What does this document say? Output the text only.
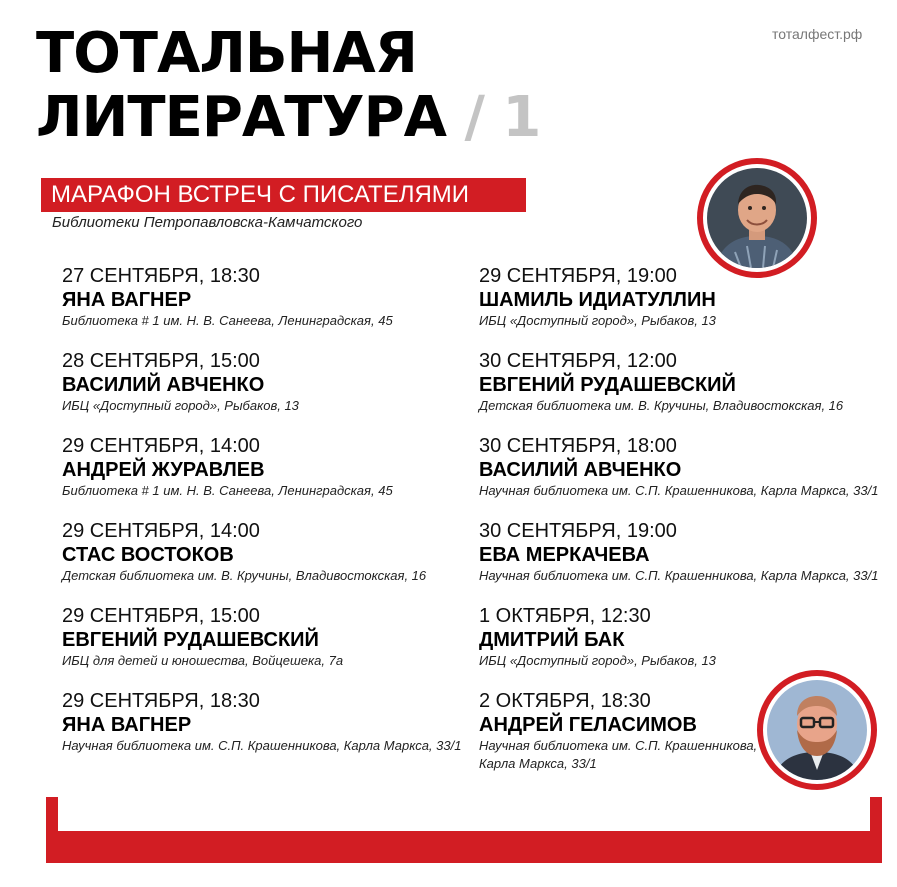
тоталфест.рф
ТОТАЛЬНАЯ
ЛИТЕРАТУРА / 1
МАРАФОН ВСТРЕЧ С ПИСАТЕЛЯМИ
Библиотеки Петропавловска-Камчатского
27 СЕНТЯБРЯ, 18:30
ЯНА ВАГНЕР
Библиотека # 1 им. Н. В. Санеева, Ленинградская, 45
28 СЕНТЯБРЯ, 15:00
ВАСИЛИЙ АВЧЕНКО
ИБЦ «Доступный город», Рыбаков, 13
29 СЕНТЯБРЯ, 14:00
АНДРЕЙ ЖУРАВЛЕВ
Библиотека # 1 им. Н. В. Санеева, Ленинградская, 45
29 СЕНТЯБРЯ, 14:00
СТАС ВОСТОКОВ
Детская библиотека им. В. Кручины, Владивостокская, 16
29 СЕНТЯБРЯ, 15:00
ЕВГЕНИЙ РУДАШЕВСКИЙ
ИБЦ для детей и юношества, Войцешека, 7а
29 СЕНТЯБРЯ, 18:30
ЯНА ВАГНЕР
Научная библиотека им. С.П. Крашенникова, Карла Маркса, 33/1
29 СЕНТЯБРЯ, 19:00
ШАМИЛЬ ИДИАТУЛЛИН
ИБЦ «Доступный город», Рыбаков, 13
30 СЕНТЯБРЯ, 12:00
ЕВГЕНИЙ РУДАШЕВСКИЙ
Детская библиотека им. В. Кручины, Владивостокская, 16
30 СЕНТЯБРЯ, 18:00
ВАСИЛИЙ АВЧЕНКО
Научная библиотека им. С.П. Крашенникова, Карла Маркса, 33/1
30 СЕНТЯБРЯ, 19:00
ЕВА МЕРКАЧЕВА
Научная библиотека им. С.П. Крашенникова, Карла Маркса, 33/1
1 ОКТЯБРЯ, 12:30
ДМИТРИЙ БАК
ИБЦ «Доступный город», Рыбаков, 13
2 ОКТЯБРЯ, 18:30
АНДРЕЙ ГЕЛАСИМОВ
Научная библиотека им. С.П. Крашенникова, Карла Маркса, 33/1
